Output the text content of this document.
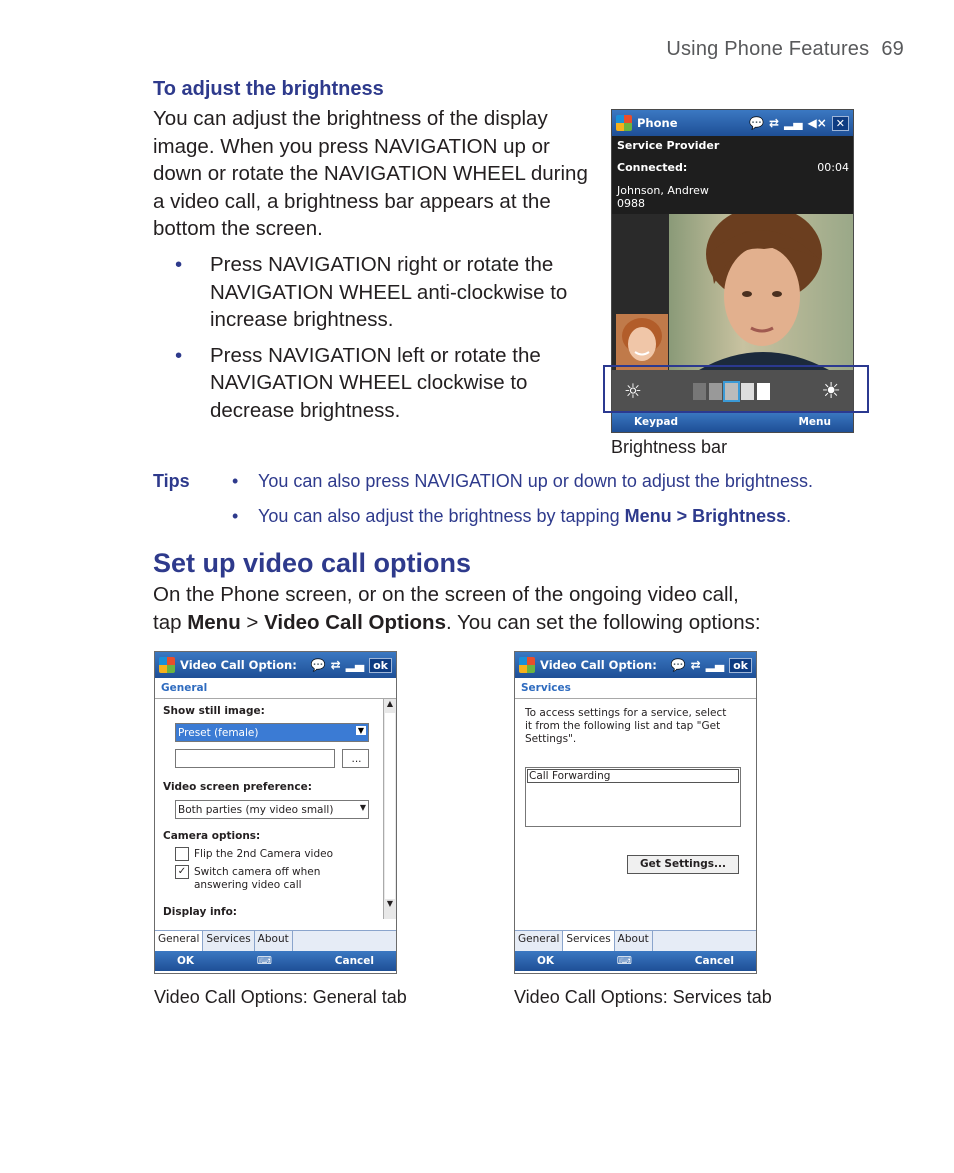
Using Phone Features 69
To adjust the brightness
You can adjust the brightness of the display image. When you press NAVIGATION up or down or rotate the NAVIGATION WHEEL during a video call, a brightness bar appears at the bottom the screen.
• Press NAVIGATION right or rotate the NAVIGATION WHEEL anti-clockwise to increase brightness.
• Press NAVIGATION left or rotate the NAVIGATION WHEEL clockwise to decrease brightness.
Phone	💬 ⇄ ▂▄ ◀× ✕
Service Provider
Connected:	00:04
Johnson, Andrew
0988
☼	☀
Keypad	Menu
Brightness bar
Tips • You can also press NAVIGATION up or down to adjust the brightness.
• You can also adjust the brightness by tapping Menu > Brightness.
Set up video call options
On the Phone screen, or on the screen of the ongoing video call,
tap Menu > Video Call Options. You can set the following options:
Video Call Option: 💬 ⇄ ▂▄ ok
General
Show still image:
Preset (female)	▼
...
Video screen preference:
Both parties (my video small)	▼
Camera options:
Flip the 2nd Camera video
✓ Switch camera off when
answering video call
Display info:
▲
▼
General Services About
OK	⌨	Cancel
Video Call Options: General tab
Video Call Option: 💬 ⇄ ▂▄ ok
Services
To access settings for a service, select it from the following list and tap "Get Settings".
Call Forwarding
Get Settings...
General Services About
OK	⌨	Cancel
Video Call Options: Services tab
